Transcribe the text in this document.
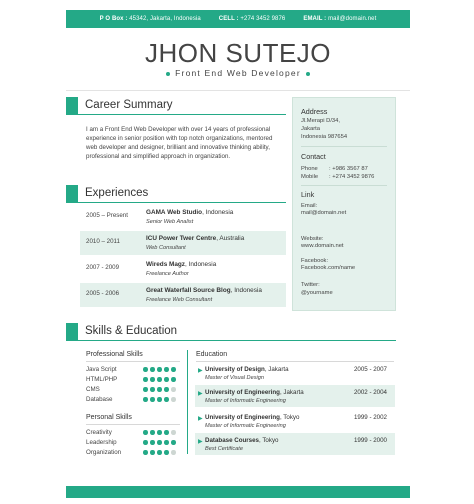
P O Box : 45342, Jakarta, Indonesia	CELL : +274 3452 9876	EMAIL : mail@domain.net
JHON SUTEJO
Front End Web Developer
Career Summary
I am a Front End Web Developer with over 14 years of professional experience in senior position with top notch organizations, mentored web developer and designer, brilliant and innovative thinking ability, professional and simplified approach in organization.
Experiences
2005 – Present	GAMA Web Studio, Indonesia
Senior Web Analist
2010 – 2011	ICU Power Twer Centre, Australia
Web Consultant
2007 - 2009	Wireds Magz, Indonesia
Freelance Author
2005 - 2006	Great Waterfall Source Blog, Indonesia
Freelance Web Consultant
Address
Jl.Merapi D/34,
Jakarta
Indonesia 987654
Contact
Phone : +986 3567 87
Mobile : +274 3452 9876
Link
Email:
mail@domain.net
Website:
www.domain.net
Facebook:
Facebook.com/name
Twitter:
@yourname
Skills & Education
Professional Skills
Java Script
HTML/PHP
CMS
Database
Personal Skills
Creativity
Leadership
Organization
Education
▶ University of Design, Jakarta
Master of Visual Design
2005 - 2007
▶ University of Engineering, Jakarta
Master of Informatic Engineering
2002 - 2004
▶ University of Engineering, Tokyo
Master of Informatic Engineering
1999 - 2002
▶ Database Courses, Tokyo
Best Certificate
1999 - 2000
